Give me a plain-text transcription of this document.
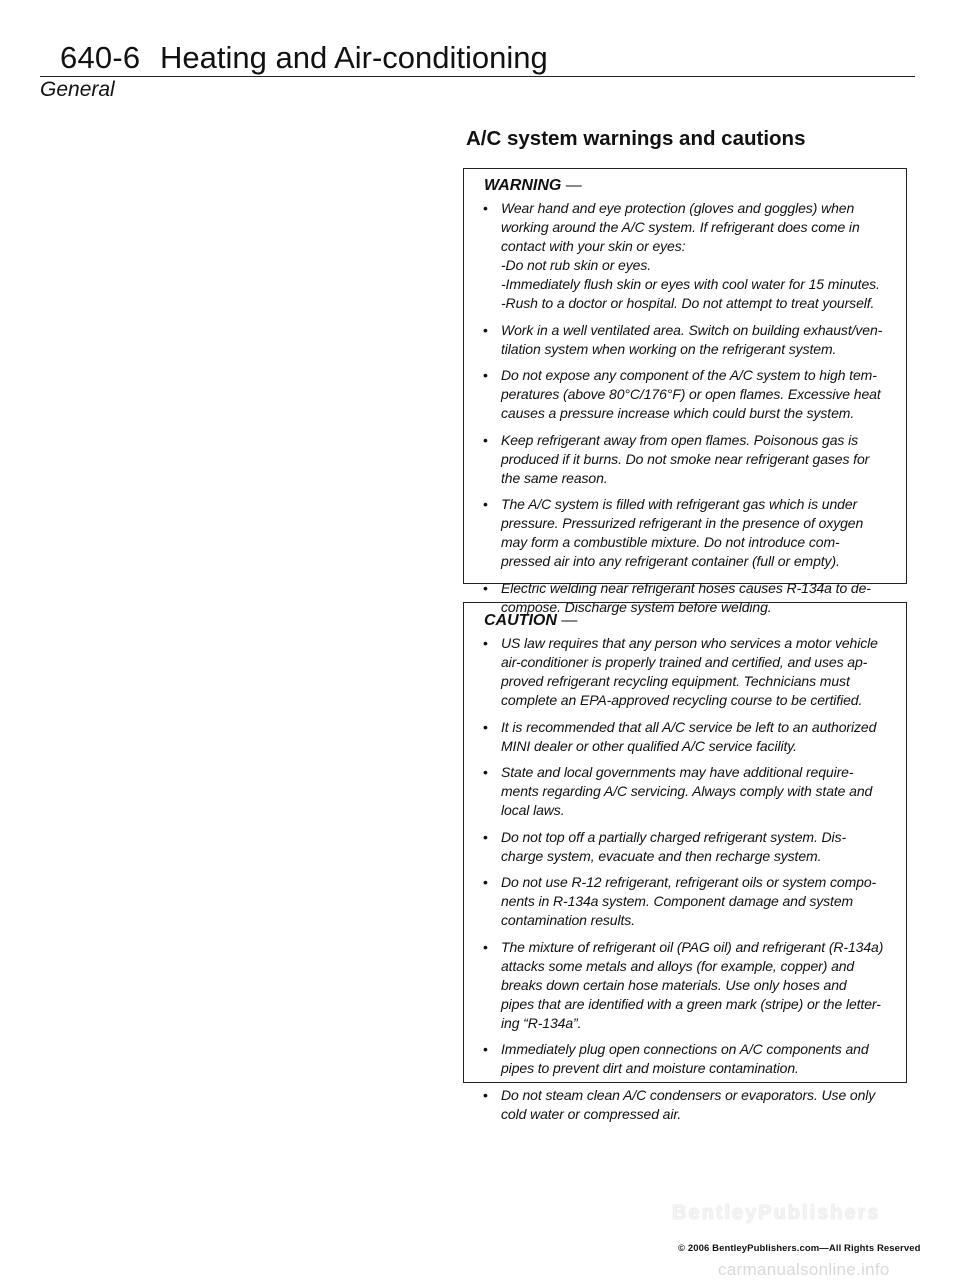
640-6 Heating and Air-conditioning
General
A/C system warnings and cautions
WARNING —
• Wear hand and eye protection (gloves and goggles) when
working around the A/C system. If refrigerant does come in
contact with your skin or eyes:
-Do not rub skin or eyes.
-Immediately flush skin or eyes with cool water for 15 minutes.
-Rush to a doctor or hospital. Do not attempt to treat yourself.
• Work in a well ventilated area. Switch on building exhaust/ven-
tilation system when working on the refrigerant system.
• Do not expose any component of the A/C system to high tem-
peratures (above 80°C/176°F) or open flames. Excessive heat
causes a pressure increase which could burst the system.
• Keep refrigerant away from open flames. Poisonous gas is
produced if it burns. Do not smoke near refrigerant gases for
the same reason.
• The A/C system is filled with refrigerant gas which is under
pressure. Pressurized refrigerant in the presence of oxygen
may form a combustible mixture. Do not introduce com-
pressed air into any refrigerant container (full or empty).
• Electric welding near refrigerant hoses causes R-134a to de-
compose. Discharge system before welding.
CAUTION —
• US law requires that any person who services a motor vehicle
air-conditioner is properly trained and certified, and uses ap-
proved refrigerant recycling equipment. Technicians must
complete an EPA-approved recycling course to be certified.
• It is recommended that all A/C service be left to an authorized
MINI dealer or other qualified A/C service facility.
• State and local governments may have additional require-
ments regarding A/C servicing. Always comply with state and
local laws.
• Do not top off a partially charged refrigerant system. Dis-
charge system, evacuate and then recharge system.
• Do not use R-12 refrigerant, refrigerant oils or system compo-
nents in R-134a system. Component damage and system
contamination results.
• The mixture of refrigerant oil (PAG oil) and refrigerant (R-134a)
attacks some metals and alloys (for example, copper) and
breaks down certain hose materials. Use only hoses and
pipes that are identified with a green mark (stripe) or the letter-
ing “R-134a”.
• Immediately plug open connections on A/C components and
pipes to prevent dirt and moisture contamination.
• Do not steam clean A/C condensers or evaporators. Use only
cold water or compressed air.
BentleyPublishers
© 2006 BentleyPublishers.com—All Rights Reserved
carmanualsonline.info
